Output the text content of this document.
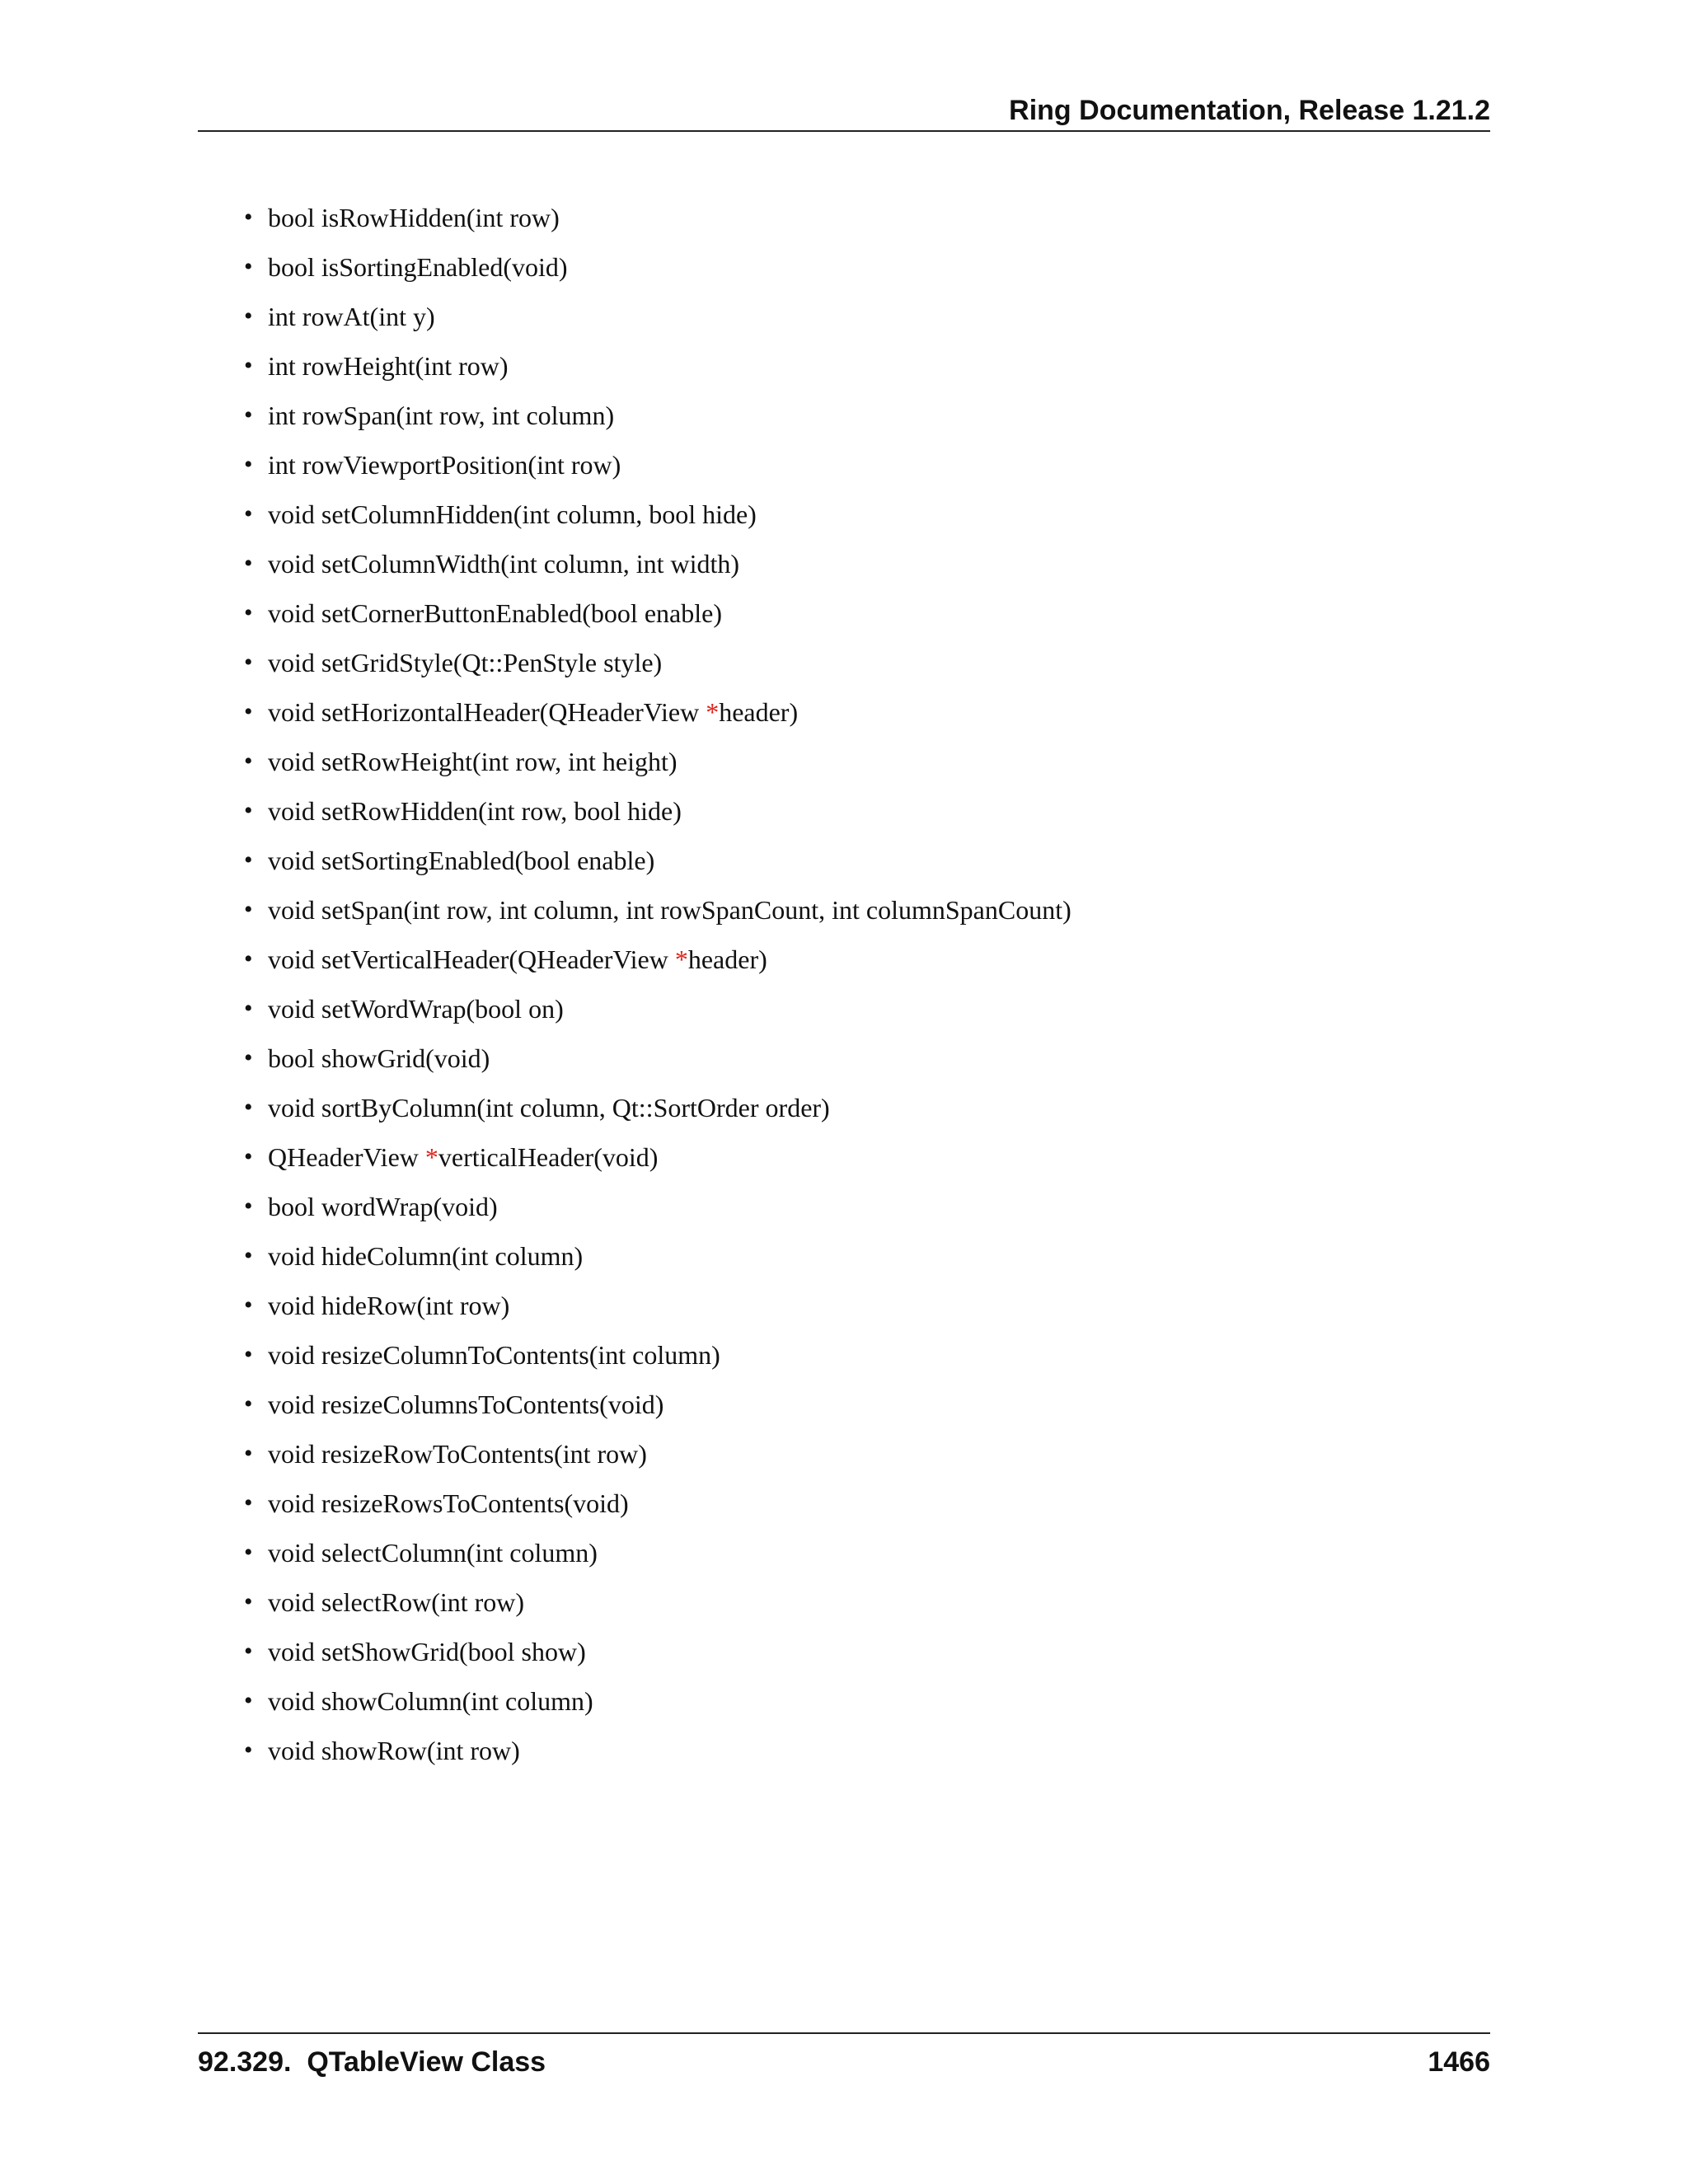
Ring Documentation, Release 1.21.2
• bool isRowHidden(int row)
• bool isSortingEnabled(void)
• int rowAt(int y)
• int rowHeight(int row)
• int rowSpan(int row, int column)
• int rowViewportPosition(int row)
• void setColumnHidden(int column, bool hide)
• void setColumnWidth(int column, int width)
• void setCornerButtonEnabled(bool enable)
• void setGridStyle(Qt::PenStyle style)
• void setHorizontalHeader(QHeaderView *header)
• void setRowHeight(int row, int height)
• void setRowHidden(int row, bool hide)
• void setSortingEnabled(bool enable)
• void setSpan(int row, int column, int rowSpanCount, int columnSpanCount)
• void setVerticalHeader(QHeaderView *header)
• void setWordWrap(bool on)
• bool showGrid(void)
• void sortByColumn(int column, Qt::SortOrder order)
• QHeaderView *verticalHeader(void)
• bool wordWrap(void)
• void hideColumn(int column)
• void hideRow(int row)
• void resizeColumnToContents(int column)
• void resizeColumnsToContents(void)
• void resizeRowToContents(int row)
• void resizeRowsToContents(void)
• void selectColumn(int column)
• void selectRow(int row)
• void setShowGrid(bool show)
• void showColumn(int column)
• void showRow(int row)
92.329.  QTableView Class	1466
